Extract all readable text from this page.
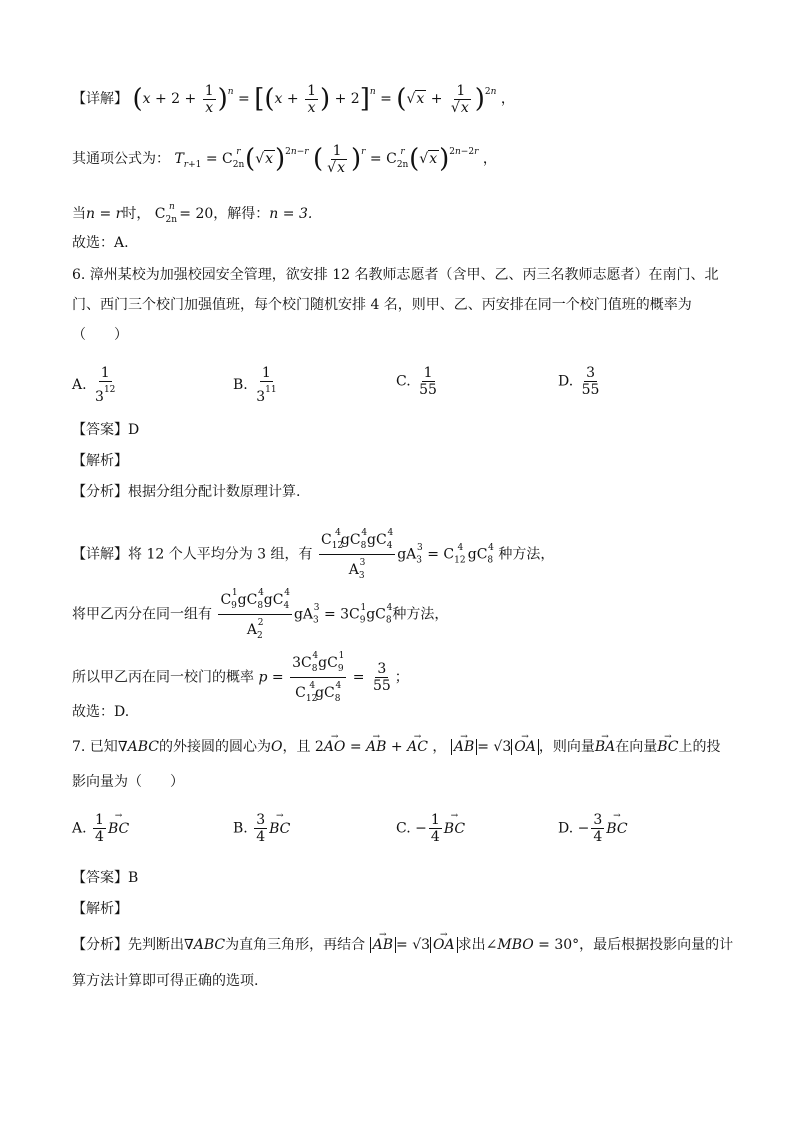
【详解】 $(x + 2 + \frac{1}{x} )^n = [(x + \frac{1}{x}$ ) + $2]^n = (√x + \frac{1}{√x} )^{2n}$ ，
其通项公式为： $T_{r+1} = C_{2n}^r$ $(√x)^{2n-r}$ ( $\frac{1}{√x} )^r = C_{2n}^r$ $(√x)^{2n-2r}$ ，
当n = r时， $C_{2n}^n = 20$，解得：n = 3.
故选：A.
6. 漳州某校为加强校园安全管理，欲安排 12 名教师志愿者（含甲、乙、丙三名教师志愿者）在南门、北
门、西门三个校门加强值班，每个校门随机安排 4 名，则甲、乙、丙安排在同一个校门值班的概率为
（　　）
A. $\frac{1}{3^{12}}$	B. $\frac{1}{3^{11}}$	C. $\frac{1}{55}$	D. $\frac{3}{55}$
【答案】D
【解析】
【分析】根据分组分配计数原理计算.
【详解】将 12 个人平均分为 3 组，有 $\frac{C_{12}^4gC_8^4gC_4^4}{A_3^3} gA_3^3 = C_{12}^4$ $gC_8^4$ 种方法，
将甲乙丙分在同一组有 $\frac{C_9^1gC_8^4gC_4^4}{A_2^2} gA_3^3 = 3C_9^1gC_8^4$种方法，
所以甲乙丙在同一校门的概率 $p = \frac{3C_8^4gC_9^1}{C_{12}^4gC_8^4} = \frac{3}{55}$ ；
故选：D.
7. 已知∇ABC的外接圆的圆心为O，且 2→ AO = → AB + → AC ， → AB = √3 → OA ，则向量→ BA在向量→ BC上的投
影向量为（　　）
A. $\frac{1}{4}$ → BC	B. $\frac{3}{4}$ → BC	C. − $\frac{1}{4}$ → BC	D. − $\frac{3}{4}$ → BC
【答案】B
【解析】
【分析】先判断出∇ABC为直角三角形，再结合 → AB = √3 → OA 求出∠MBO = 30°，最后根据投影向量的计
算方法计算即可得正确的选项.
